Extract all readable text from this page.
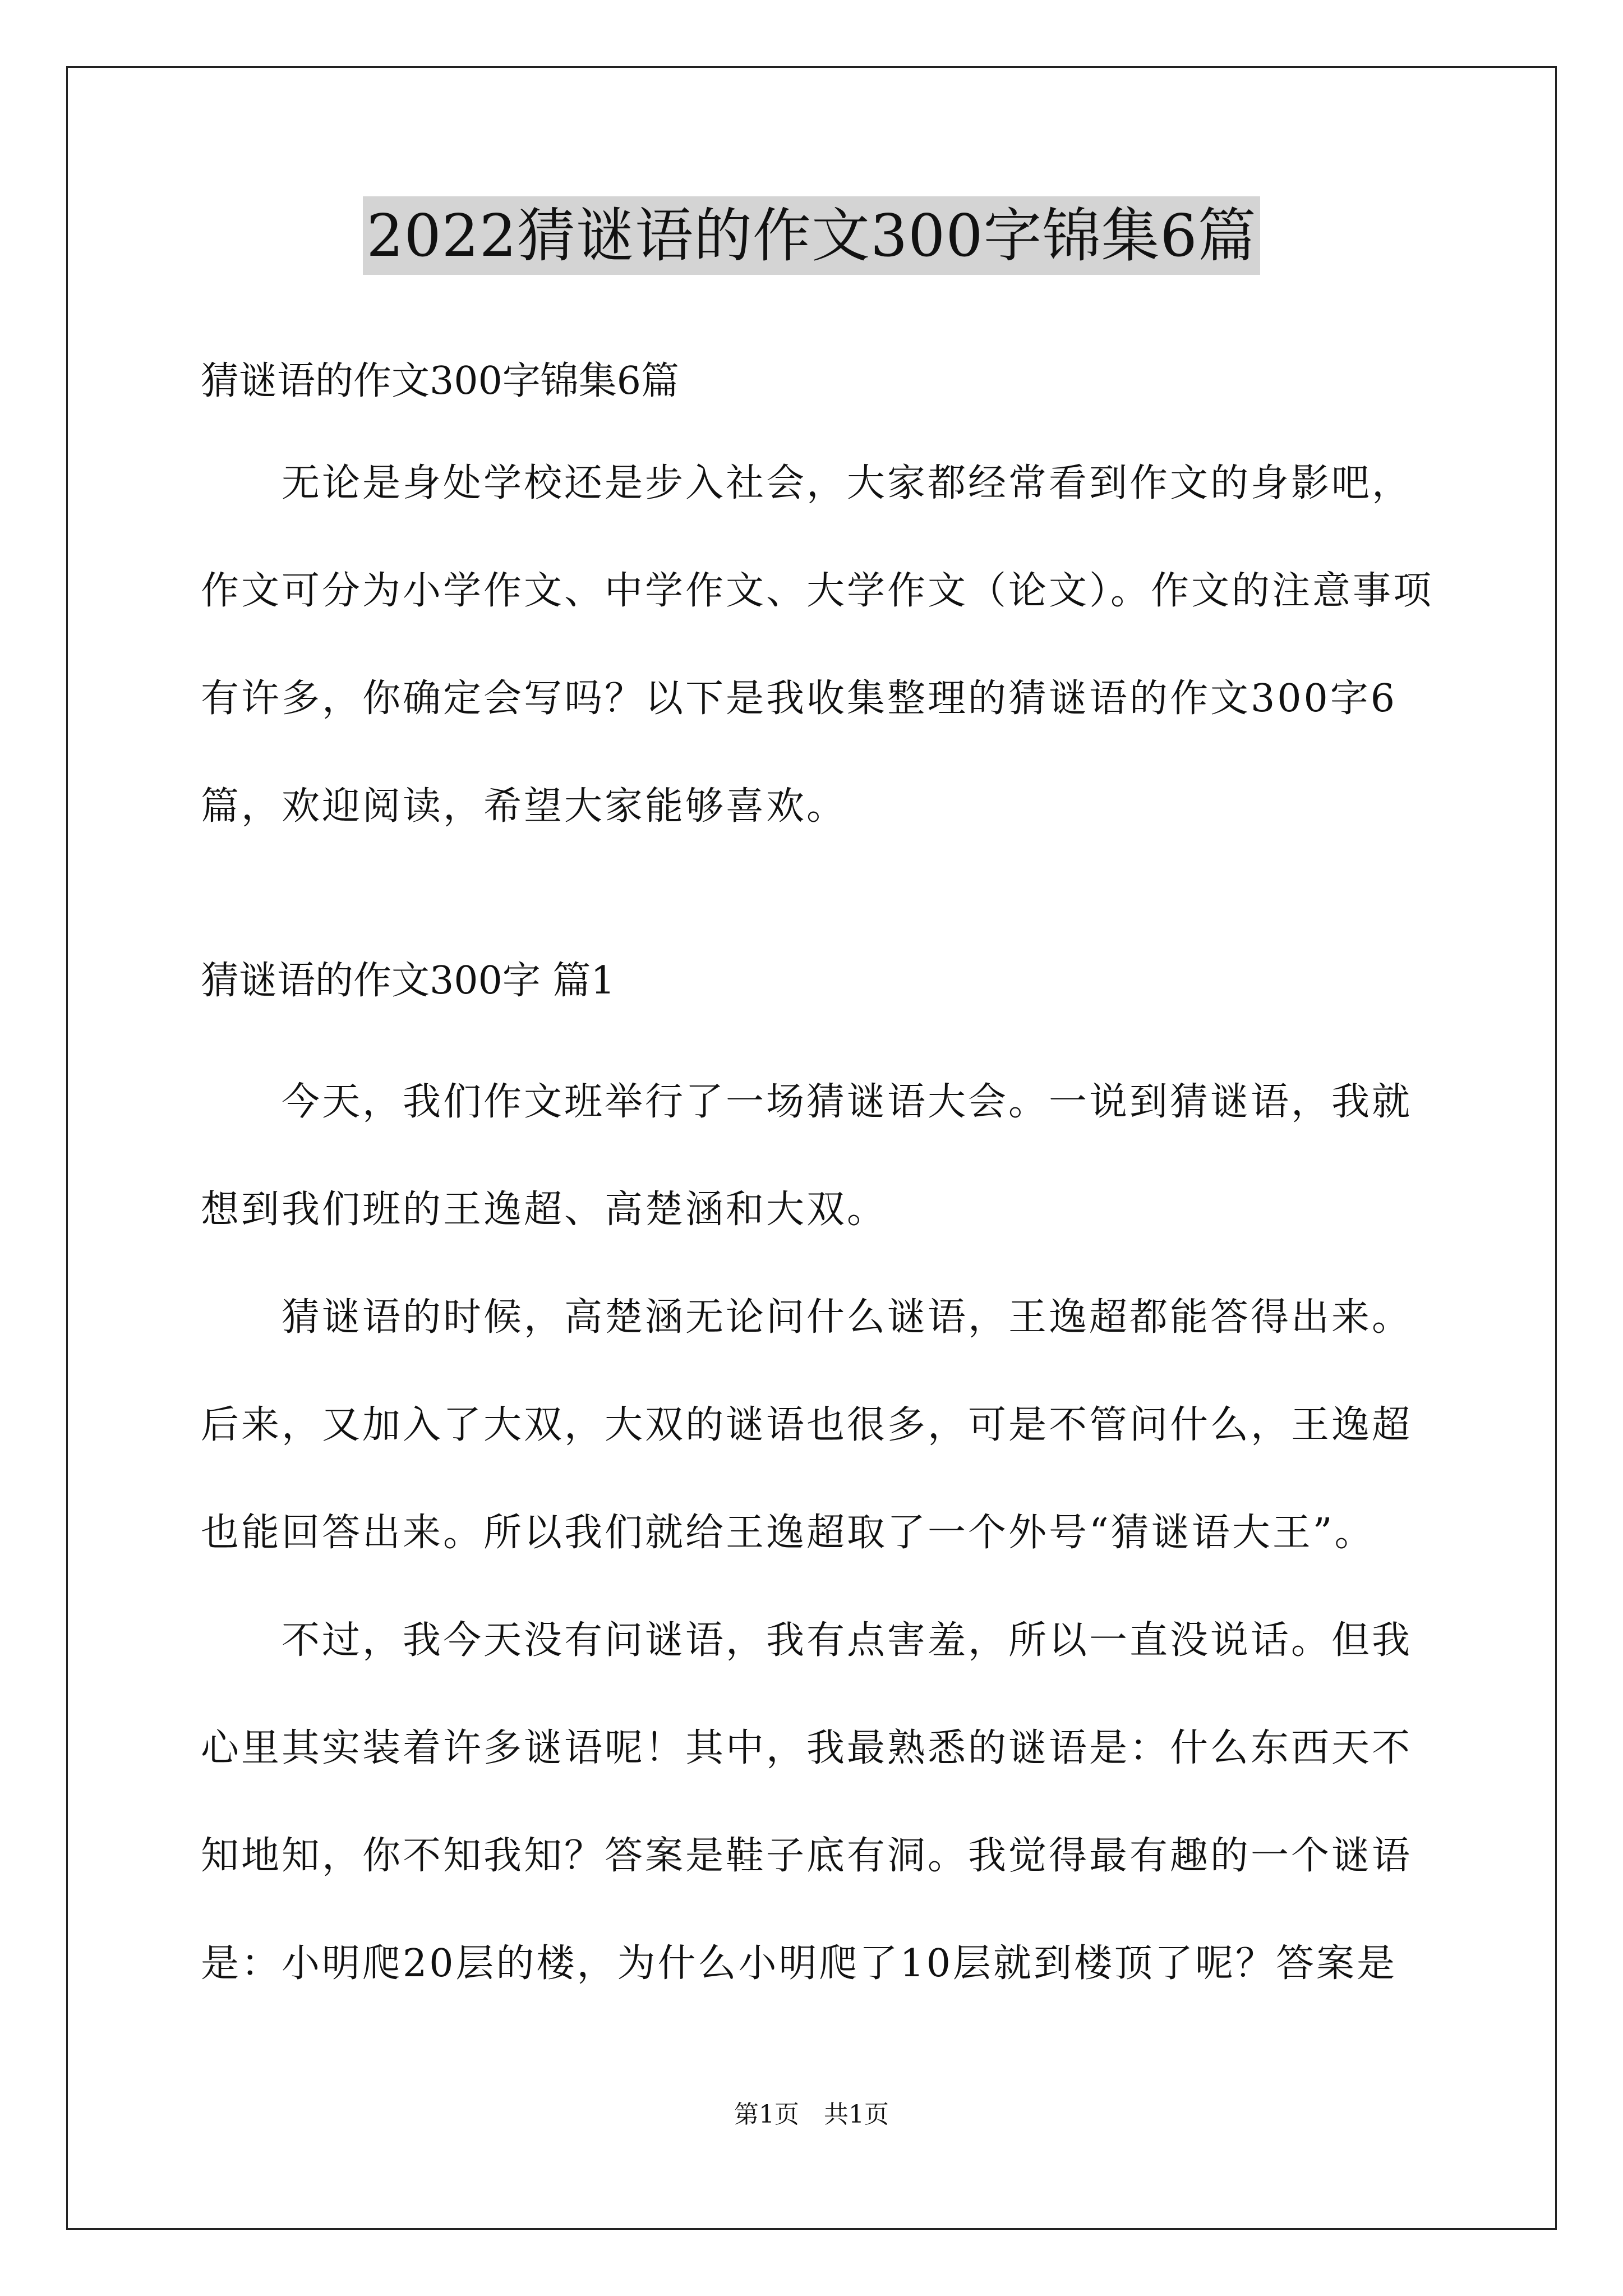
2022猜谜语的作文300字锦集6篇
猜谜语的作文300字锦集6篇
　　无论是身处学校还是步入社会，大家都经常看到作文的身影吧，
作文可分为小学作文、中学作文、大学作文（论文）。作文的注意事项
有许多，你确定会写吗？以下是我收集整理的猜谜语的作文300字6
篇，欢迎阅读，希望大家能够喜欢。
猜谜语的作文300字 篇1
　　今天，我们作文班举行了一场猜谜语大会。一说到猜谜语，我就
想到我们班的王逸超、高楚涵和大双。
　　猜谜语的时候，高楚涵无论问什么谜语，王逸超都能答得出来。
后来，又加入了大双，大双的谜语也很多，可是不管问什么，王逸超
也能回答出来。所以我们就给王逸超取了一个外号“猜谜语大王”。
　　不过，我今天没有问谜语，我有点害羞，所以一直没说话。但我
心里其实装着许多谜语呢！其中，我最熟悉的谜语是：什么东西天不
知地知，你不知我知？答案是鞋子底有洞。我觉得最有趣的一个谜语
是：小明爬20层的楼，为什么小明爬了10层就到楼顶了呢？答案是
第1页　共1页
